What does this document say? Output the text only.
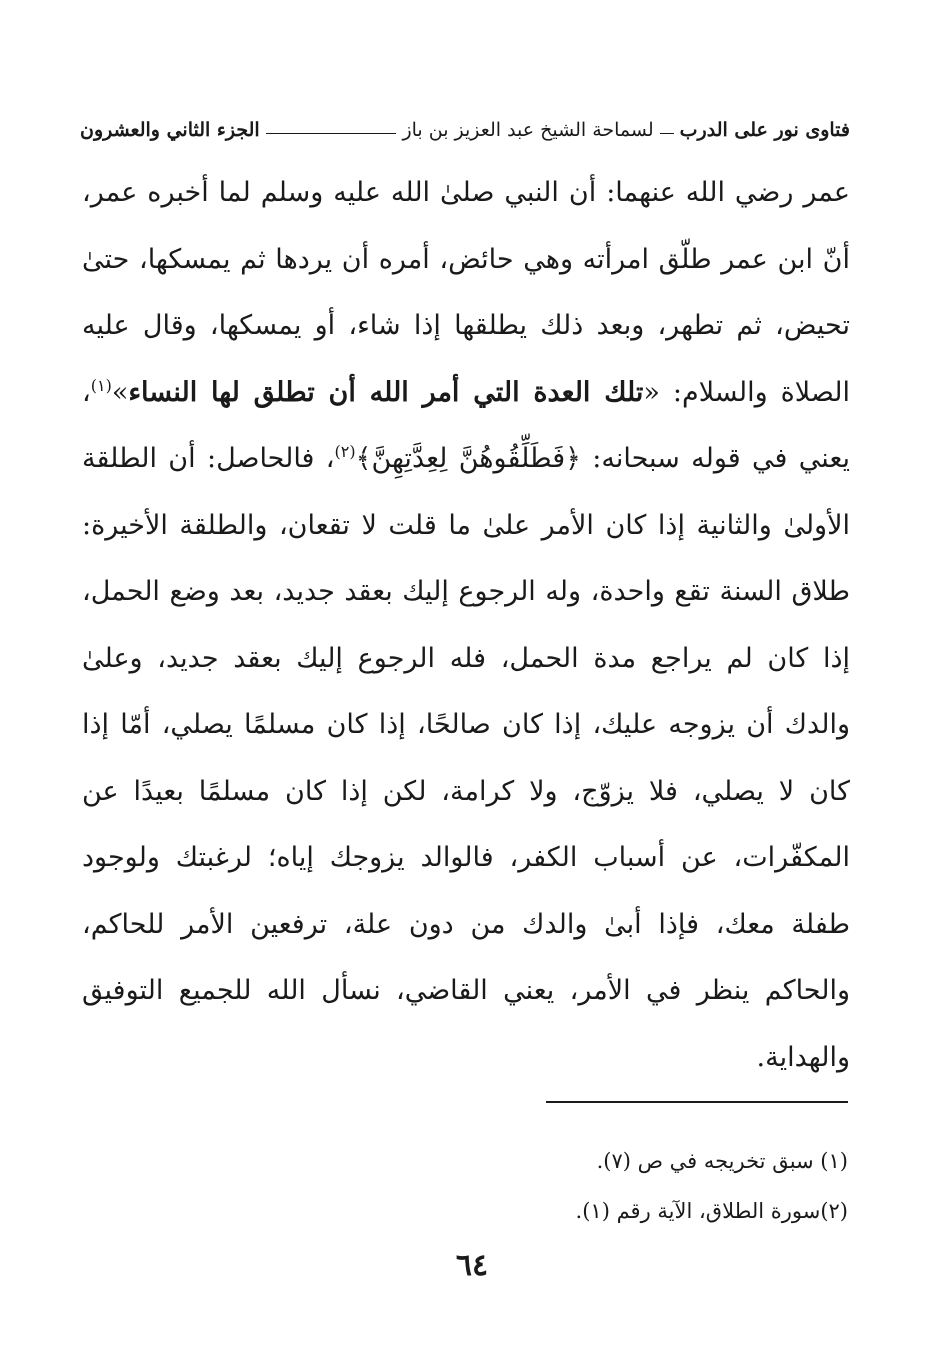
فتاوى نور على الدرب
لسماحة الشيخ عبد العزيز بن باز
الجزء الثاني والعشرون

عمر رضي الله عنهما: أن النبي صلىٰ الله عليه وسلم لما أخبره عمر، أنّ ابن عمر طلّق امرأته وهي حائض، أمره أن يردها ثم يمسكها، حتىٰ تحيض، ثم تطهر، وبعد ذلك يطلقها إذا شاء، أو يمسكها، وقال عليه الصلاة والسلام: «تلك العدة التي أمر الله أن تطلق لها النساء»$^{(١)}$، يعني في قوله سبحانه: ﴿فَطَلِّقُوهُنَّ لِعِدَّتِهِنَّ﴾$^{(٢)}$، فالحاصل: أن الطلقة الأولىٰ والثانية إذا كان الأمر علىٰ ما قلت لا تقعان، والطلقة الأخيرة: طلاق السنة تقع واحدة، وله الرجوع إليك بعقد جديد، بعد وضع الحمل، إذا كان لم يراجع مدة الحمل، فله الرجوع إليك بعقد جديد، وعلىٰ والدك أن يزوجه عليك، إذا كان صالحًا، إذا كان مسلمًا يصلي، أمّا إذا كان لا يصلي، فلا يزوّج، ولا كرامة، لكن إذا كان مسلمًا بعيدًا عن المكفّرات، عن أسباب الكفر، فالوالد يزوجك إياه؛ لرغبتك ولوجود طفلة معك، فإذا أبىٰ والدك من دون علة، ترفعين الأمر للحاكم، والحاكم ينظر في الأمر، يعني القاضي، نسأل الله للجميع التوفيق والهداية.

(١) سبق تخريجه في ص (٧).
(٢)سورة الطلاق، الآية رقم (١).
٦٤
